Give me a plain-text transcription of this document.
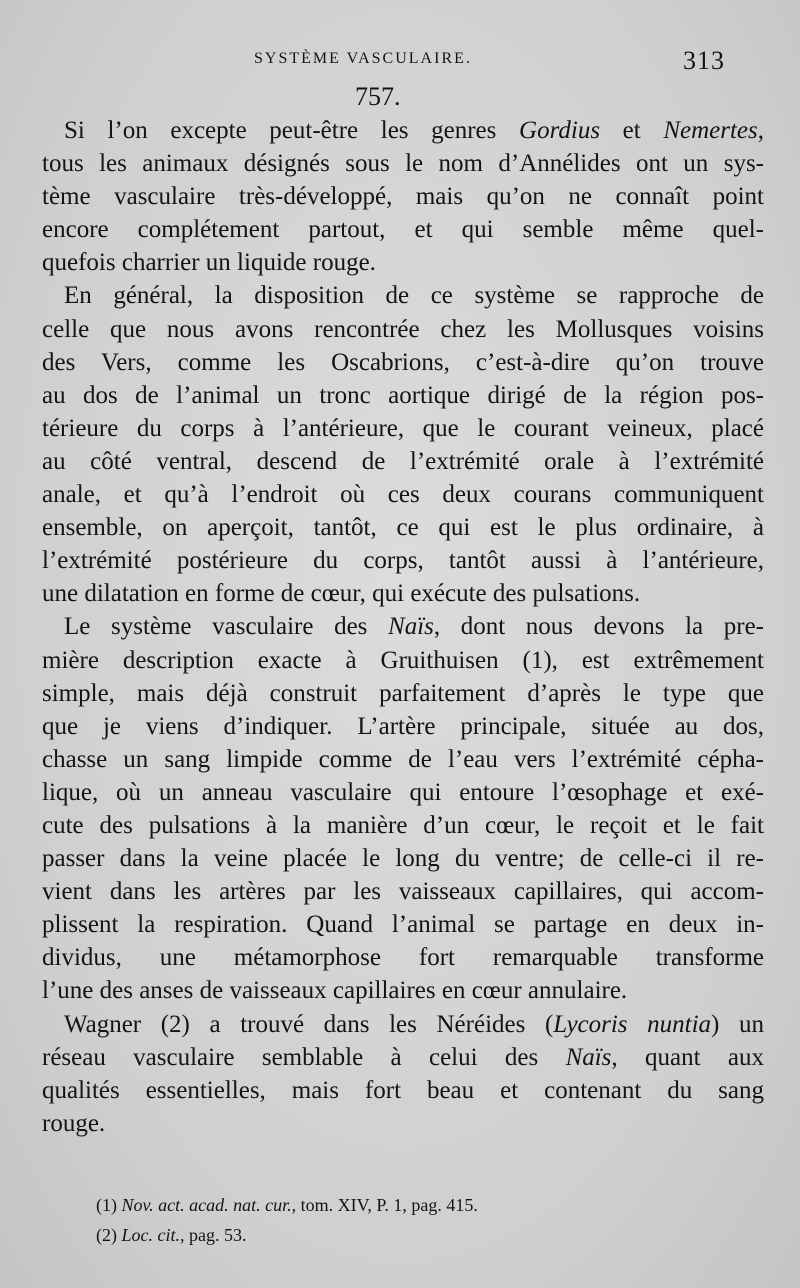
SYSTÈME VASCULAIRE.	313
757.
Si l’on excepte peut-être les genres Gordius et Nemertes,
tous les animaux désignés sous le nom d’Annélides ont un sys-
tème vasculaire très-développé, mais qu’on ne connaît point
encore complétement partout, et qui semble même quel-
quefois charrier un liquide rouge.
En général, la disposition de ce système se rapproche de
celle que nous avons rencontrée chez les Mollusques voisins
des Vers, comme les Oscabrions, c’est-à-dire qu’on trouve
au dos de l’animal un tronc aortique dirigé de la région pos-
térieure du corps à l’antérieure, que le courant veineux, placé
au côté ventral, descend de l’extrémité orale à l’extrémité
anale, et qu’à l’endroit où ces deux courans communiquent
ensemble, on aperçoit, tantôt, ce qui est le plus ordinaire, à
l’extrémité postérieure du corps, tantôt aussi à l’antérieure,
une dilatation en forme de cœur, qui exécute des pulsations.
Le système vasculaire des Naïs, dont nous devons la pre-
mière description exacte à Gruithuisen (1), est extrêmement
simple, mais déjà construit parfaitement d’après le type que
que je viens d’indiquer. L’artère principale, située au dos,
chasse un sang limpide comme de l’eau vers l’extrémité cépha-
lique, où un anneau vasculaire qui entoure l’œsophage et exé-
cute des pulsations à la manière d’un cœur, le reçoit et le fait
passer dans la veine placée le long du ventre; de celle-ci il re-
vient dans les artères par les vaisseaux capillaires, qui accom-
plissent la respiration. Quand l’animal se partage en deux in-
dividus, une métamorphose fort remarquable transforme
l’une des anses de vaisseaux capillaires en cœur annulaire.
Wagner (2) a trouvé dans les Néréides (Lycoris nuntia) un
réseau vasculaire semblable à celui des Naïs, quant aux
qualités essentielles, mais fort beau et contenant du sang
rouge.
(1) Nov. act. acad. nat. cur., tom. XIV, P. 1, pag. 415.
(2) Loc. cit., pag. 53.
